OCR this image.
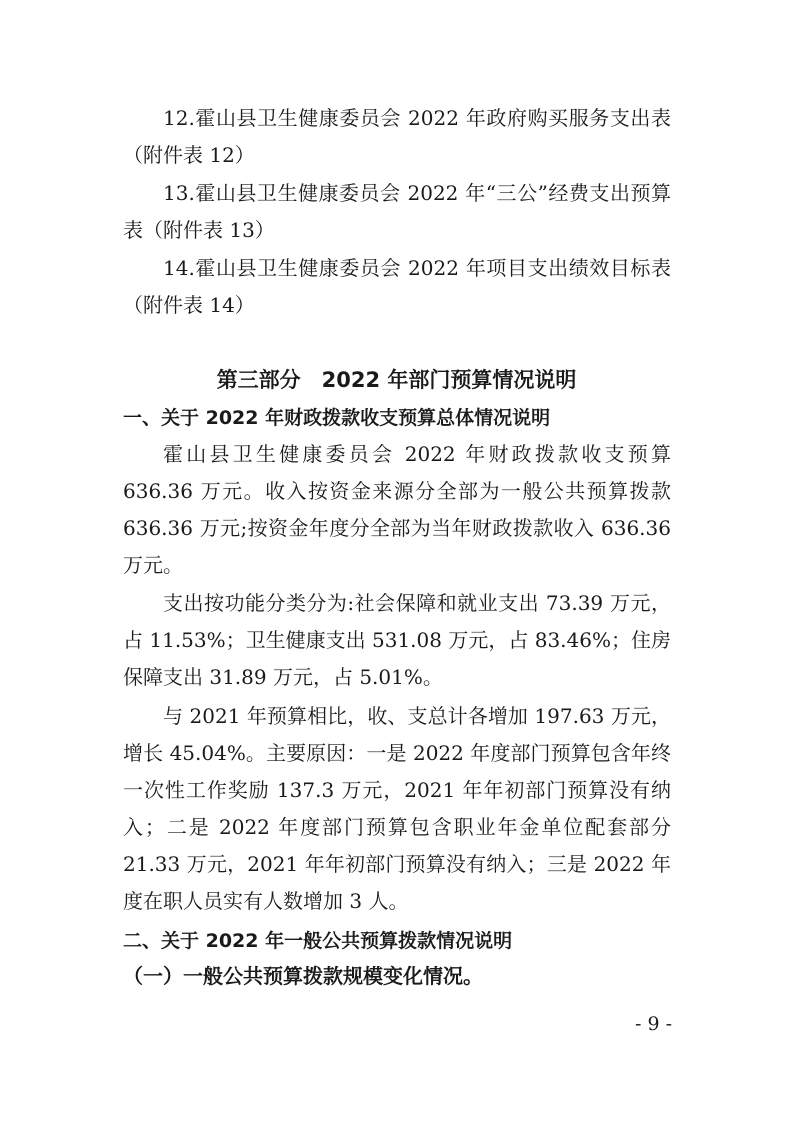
12.霍山县卫生健康委员会 2022 年政府购买服务支出表（附件表 12）

13.霍山县卫生健康委员会 2022 年“三公”经费支出预算表（附件表 13）

14.霍山县卫生健康委员会 2022 年项目支出绩效目标表（附件表 14）

第三部分　2022 年部门预算情况说明
一、关于 2022 年财政拨款收支预算总体情况说明

霍山县卫生健康委员会 2022 年财政拨款收支预算 636.36 万元。收入按资金来源分全部为一般公共预算拨款 636.36 万元;按资金年度分全部为当年财政拨款收入 636.36 万元。

支出按功能分类分为:社会保障和就业支出 73.39 万元，占 11.53%；卫生健康支出 531.08 万元，占 83.46%；住房保障支出 31.89 万元，占 5.01%。

与 2021 年预算相比，收、支总计各增加 197.63 万元，增长 45.04%。主要原因：一是 2022 年度部门预算包含年终一次性工作奖励 137.3 万元，2021 年年初部门预算没有纳入；二是 2022 年度部门预算包含职业年金单位配套部分 21.33 万元，2021 年年初部门预算没有纳入；三是 2022 年度在职人员实有人数增加 3 人。

二、关于 2022 年一般公共预算拨款情况说明
（一）一般公共预算拨款规模变化情况。

- 9 -
